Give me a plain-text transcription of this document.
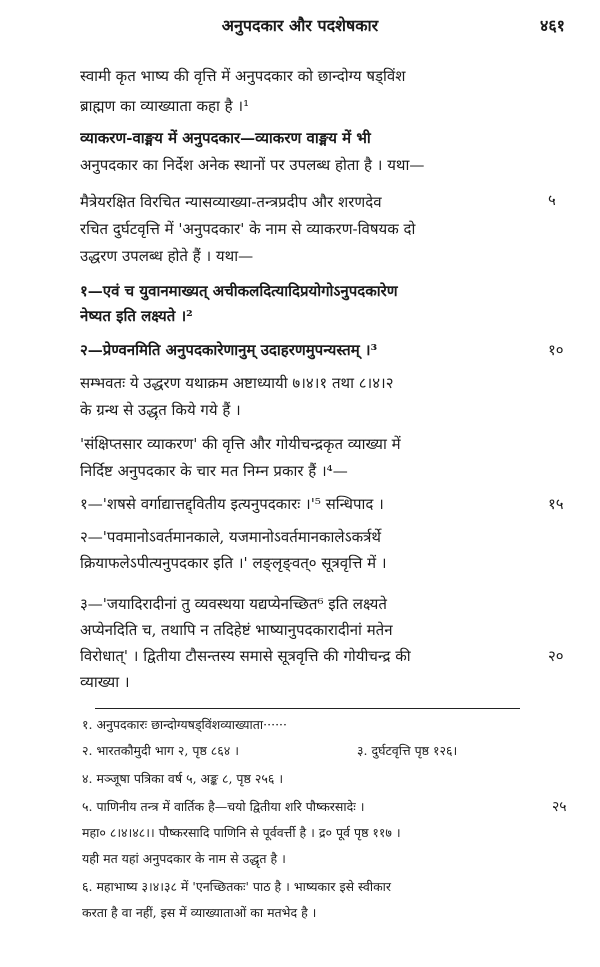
अनुपदकार और पदशेषकार	४६१
स्वामी कृत भाष्य की वृत्ति में अनुपदकार को छान्दोग्य षड्विंश
ब्राह्मण का व्याख्याता कहा है ।¹
व्याकरण-वाङ्मय में अनुपदकार—व्याकरण वाङ्मय में भी
अनुपदकार का निर्देश अनेक स्थानों पर उपलब्ध होता है । यथा—
मैत्रेयरक्षित विरचित न्यासव्याख्या-तन्त्रप्रदीप और शरणदेव	५
रचित दुर्घटवृत्ति में 'अनुपदकार' के नाम से व्याकरण-विषयक दो
उद्धरण उपलब्ध होते हैं । यथा—
१—एवं च युवानमाख्यत् अचीकलदित्यादिप्रयोगोऽनुपदकारेण
नेष्यत इति लक्ष्यते ।²
२—प्रेण्वनमिति अनुपदकारेणानुम् उदाहरणमुपन्यस्तम् ।³	१०
सम्भवतः ये उद्धरण यथाक्रम अष्टाध्यायी ७।४।१ तथा ८।४।२
के ग्रन्थ से उद्धृत किये गये हैं ।
'संक्षिप्तसार व्याकरण' की वृत्ति और गोयीचन्द्रकृत व्याख्या में
निर्दिष्ट अनुपदकार के चार मत निम्न प्रकार हैं ।⁴—
१—'शषसे वर्गाद्यात्तद्द्वितीय इत्यनुपदकारः ।'⁵ सन्धिपाद ।	१५
२—'पवमानोऽवर्तमानकाले, यजमानोऽवर्तमानकालेऽकर्त्रर्थे
क्रियाफलेऽपीत्यनुपदकार इति ।' लङ्लृङ्वत्० सूत्रवृत्ति में ।
३—'जयादिरादीनां तु व्यवस्थया यद्यप्येनच्छित⁶ इति लक्ष्यते
अप्येनदिति च, तथापि न तदिहेष्टं भाष्यानुपदकारादीनां मतेन
विरोधात्' । द्वितीया टौसन्तस्य समासे सूत्रवृत्ति की गोयीचन्द्र की	२०
व्याख्या ।
१. अनुपदकारः छान्दोग्यषड्विंशव्याख्याता······
२. भारतकौमुदी भाग २, पृष्ठ ८६४ ।	३. दुर्घटवृत्ति पृष्ठ १२६।
४. मञ्जूषा पत्रिका वर्ष ५, अङ्क ८, पृष्ठ २५६ ।
५. पाणिनीय तन्त्र में वार्तिक है—चयो द्वितीया शरि पौष्करसादेः ।	२५
महा० ८।४।४८।। पौष्करसादि पाणिनि से पूर्ववर्त्ती है । द्र० पूर्व पृष्ठ ११७ ।
यही मत यहां अनुपदकार के नाम से उद्धृत है ।
६. महाभाष्य ३।४।३८ में 'एनच्छितकः' पाठ है । भाष्यकार इसे स्वीकार
करता है वा नहीं, इस में व्याख्याताओं का मतभेद है ।
